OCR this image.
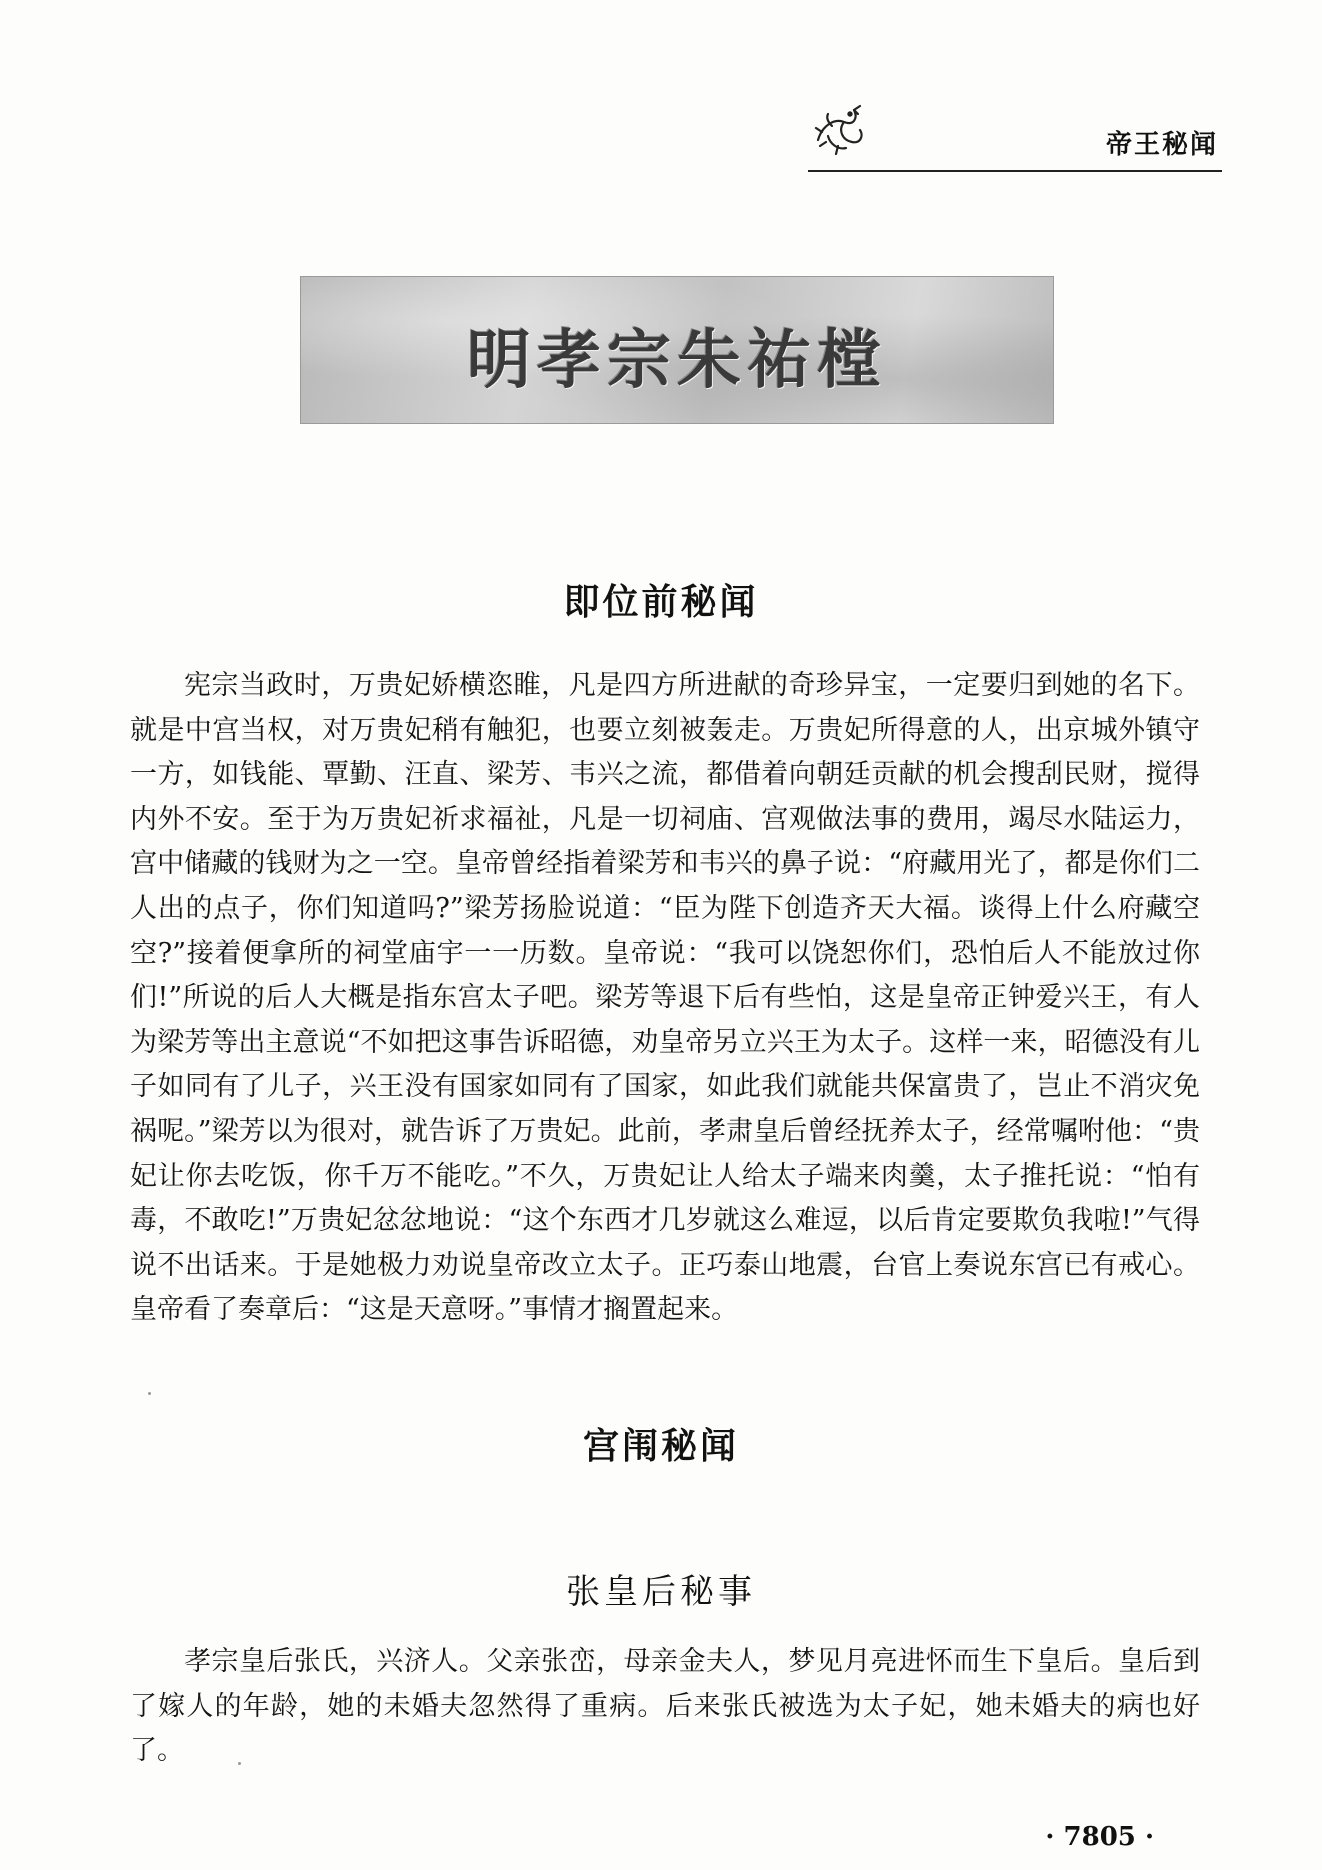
帝王秘闻
明孝宗朱祐樘
即位前秘闻
宪宗当政时，万贵妃娇横恣睢，凡是四方所进献的奇珍异宝，一定要归到她的名下。就是中宫当权，对万贵妃稍有触犯，也要立刻被轰走。万贵妃所得意的人，出京城外镇守一方，如钱能、覃勤、汪直、梁芳、韦兴之流，都借着向朝廷贡献的机会搜刮民财，搅得内外不安。至于为万贵妃祈求福祉，凡是一切祠庙、宫观做法事的费用，竭尽水陆运力，宫中储藏的钱财为之一空。皇帝曾经指着梁芳和韦兴的鼻子说：“府藏用光了，都是你们二人出的点子，你们知道吗?”梁芳扬脸说道：“臣为陛下创造齐天大福。谈得上什么府藏空空?”接着便拿所的祠堂庙宇一一历数。皇帝说：“我可以饶恕你们，恐怕后人不能放过你们!”所说的后人大概是指东宫太子吧。梁芳等退下后有些怕，这是皇帝正钟爱兴王，有人为梁芳等出主意说“不如把这事告诉昭德，劝皇帝另立兴王为太子。这样一来，昭德没有儿子如同有了儿子，兴王没有国家如同有了国家，如此我们就能共保富贵了，岂止不消灾免祸呢。”梁芳以为很对，就告诉了万贵妃。此前，孝肃皇后曾经抚养太子，经常嘱咐他：“贵妃让你去吃饭，你千万不能吃。”不久，万贵妃让人给太子端来肉羹，太子推托说：“怕有毒，不敢吃!”万贵妃忿忿地说：“这个东西才几岁就这么难逗，以后肯定要欺负我啦!”气得说不出话来。于是她极力劝说皇帝改立太子。正巧泰山地震，台官上奏说东宫已有戒心。皇帝看了奏章后：“这是天意呀。”事情才搁置起来。
宫闱秘闻
张皇后秘事
孝宗皇后张氏，兴济人。父亲张峦，母亲金夫人，梦见月亮进怀而生下皇后。皇后到了嫁人的年龄，她的未婚夫忽然得了重病。后来张氏被选为太子妃，她未婚夫的病也好了。
· 7805 ·
